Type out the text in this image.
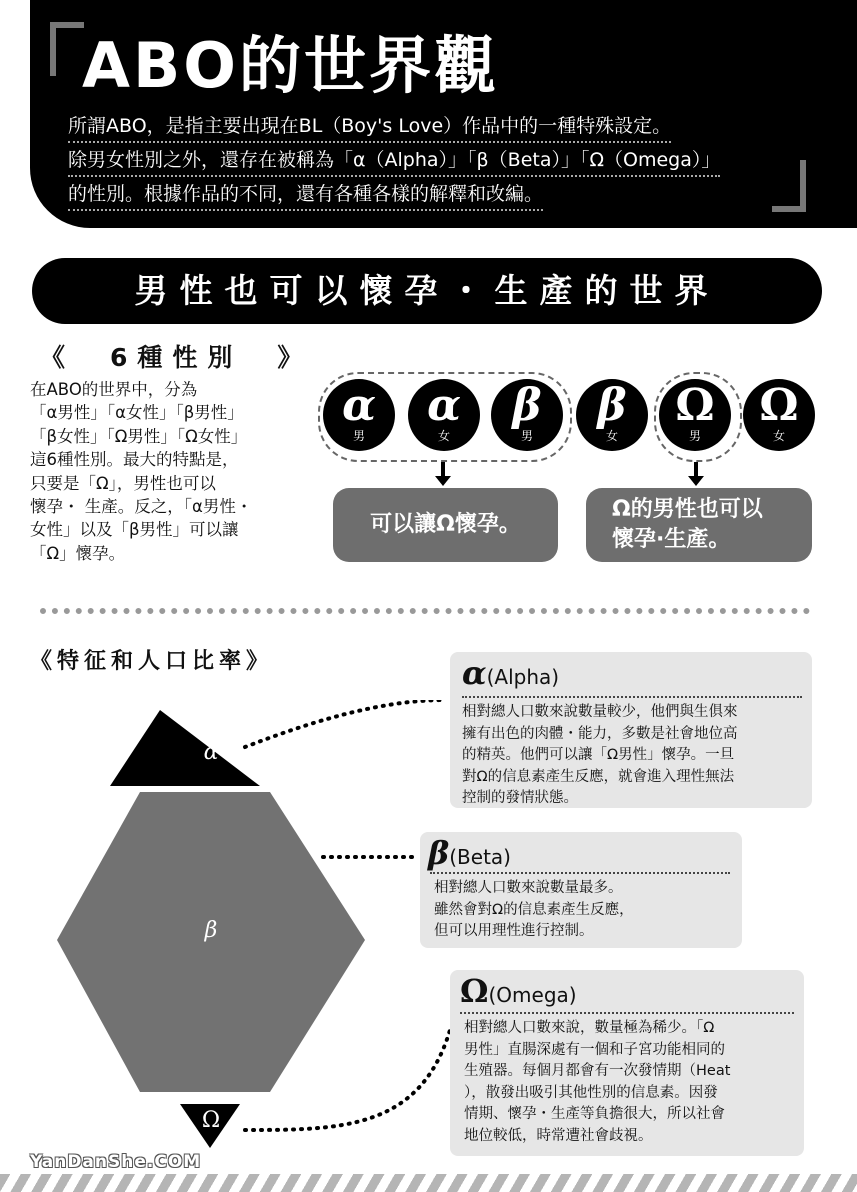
ABO的世界觀
所謂ABO，是指主要出現在BL（Boy's Love）作品中的一種特殊設定。
除男女性別之外，還存在被稱為「α（Alpha）」「β（Beta）」「Ω（Omega）」
的性別。根據作品的不同，還有各種各樣的解釋和改編。
男性也可以懷孕・生產的世界
《　6種性別　》
在ABO的世界中，分為
「α男性」「α女性」「β男性」
「β女性」「Ω男性」「Ω女性」
這6種性別。最大的特點是，
只要是「Ω」，男性也可以
懷孕・ 生產。反之，「α男性・
女性」以及「β男性」可以讓
「Ω」懷孕。
α
男
α
女
β
男
β
女
Ω
男
Ω
女
可以讓Ω懷孕。
Ω的男性也可以
懷孕·生產。
《特征和人口比率》
α
β
Ω
α(Alpha)
相對總人口數來說數量較少，他們與生俱來
擁有出色的肉體・能力，多數是社會地位高
的精英。他們可以讓「Ω男性」懷孕。一旦
對Ω的信息素產生反應，就會進入理性無法
控制的發情狀態。
β(Beta)
相對總人口數來說數量最多。
雖然會對Ω的信息素產生反應，
但可以用理性進行控制。
Ω(Omega)
相對總人口數來說，數量極為稀少。「Ω
男性」直腸深處有一個和子宮功能相同的
生殖器。每個月都會有一次發情期（Heat
），散發出吸引其他性別的信息素。因發
情期、懷孕・生產等負擔很大，所以社會
地位較低，時常遭社會歧視。
YanDanShe.COM
